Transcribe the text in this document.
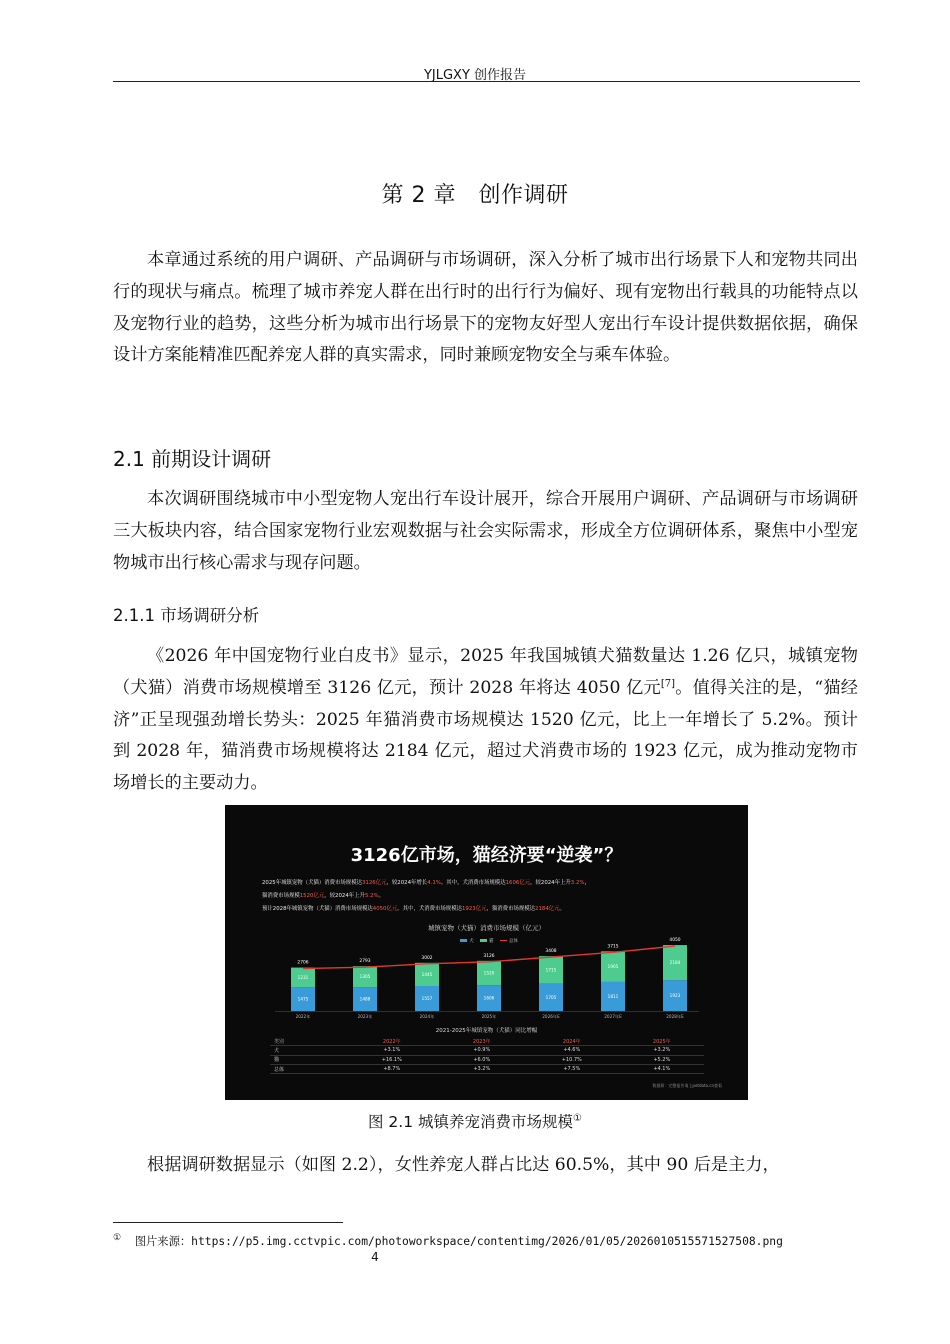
YJLGXY 创作报告
第 2 章　创作调研

本章通过系统的用户调研、产品调研与市场调研，深入分析了城市出行场景下人和宠物共同出行的现状与痛点。梳理了城市养宠人群在出行时的出行行为偏好、现有宠物出行载具的功能特点以及宠物行业的趋势，这些分析为城市出行场景下的宠物友好型人宠出行车设计提供数据依据，确保设计方案能精准匹配养宠人群的真实需求，同时兼顾宠物安全与乘车体验。

2.1 前期设计调研

本次调研围绕城市中小型宠物人宠出行车设计展开，综合开展用户调研、产品调研与市场调研三大板块内容，结合国家宠物行业宏观数据与社会实际需求，形成全方位调研体系，聚焦中小型宠物城市出行核心需求与现存问题。

2.1.1 市场调研分析

《2026 年中国宠物行业白皮书》显示，2025 年我国城镇犬猫数量达 1.26 亿只，城镇宠物（犬猫）消费市场规模增至 3126 亿元，预计 2028 年将达 4050 亿元[7]。值得关注的是，“猫经济”正呈现强劲增长势头：2025 年猫消费市场规模达 1520 亿元，比上一年增长了 5.2%。预计到 2028 年，猫消费市场规模将达 2184 亿元，超过犬消费市场的 1923 亿元，成为推动宠物市场增长的主要动力。

3126亿市场，猫经济要“逆袭”？
2025年城镇宠物（犬猫）消费市场规模达3126亿元，较2024年增长4.1%。其中，犬消费市场规模达1606亿元，较2024年上升3.2%，
猫消费市场规模1520亿元，较2024年上升5.2%。
预计2028年城镇宠物（犬猫）消费市场规模达4050亿元。其中，犬消费市场规模达1923亿元，猫消费市场规模达2184亿元。
城镇宠物（犬猫）消费市场规模（亿元）
犬	猫	总体
1475
1231
2706
2022年
1488
1305
2793
2023年
1557
1445
3002
2024年
1606
1520
3126
2025年
1705
1715
3408
2026年E
1811
1905
3715
2027年E
1923
2184
4050
2028年E
2021-2025年城镇宠物（犬猫）同比增幅
类别	2022年	2023年	2024年	2025年
犬	+3.1%	+0.9%	+4.6%	+3.2%
猫	+16.1%	+6.0%	+10.7%	+5.2%
总体	+8.7%	+3.2%	+7.5%	+4.1%
数据源：完整报告请上petdata.cn查看
图 2.1 城镇养宠消费市场规模①

根据调研数据显示（如图 2.2），女性养宠人群占比达 60.5%，其中 90 后是主力，

① 图片来源：https://p5.img.cctvpic.com/photoworkspace/contentimg/2026/01/05/2026010515571527508.png
4
